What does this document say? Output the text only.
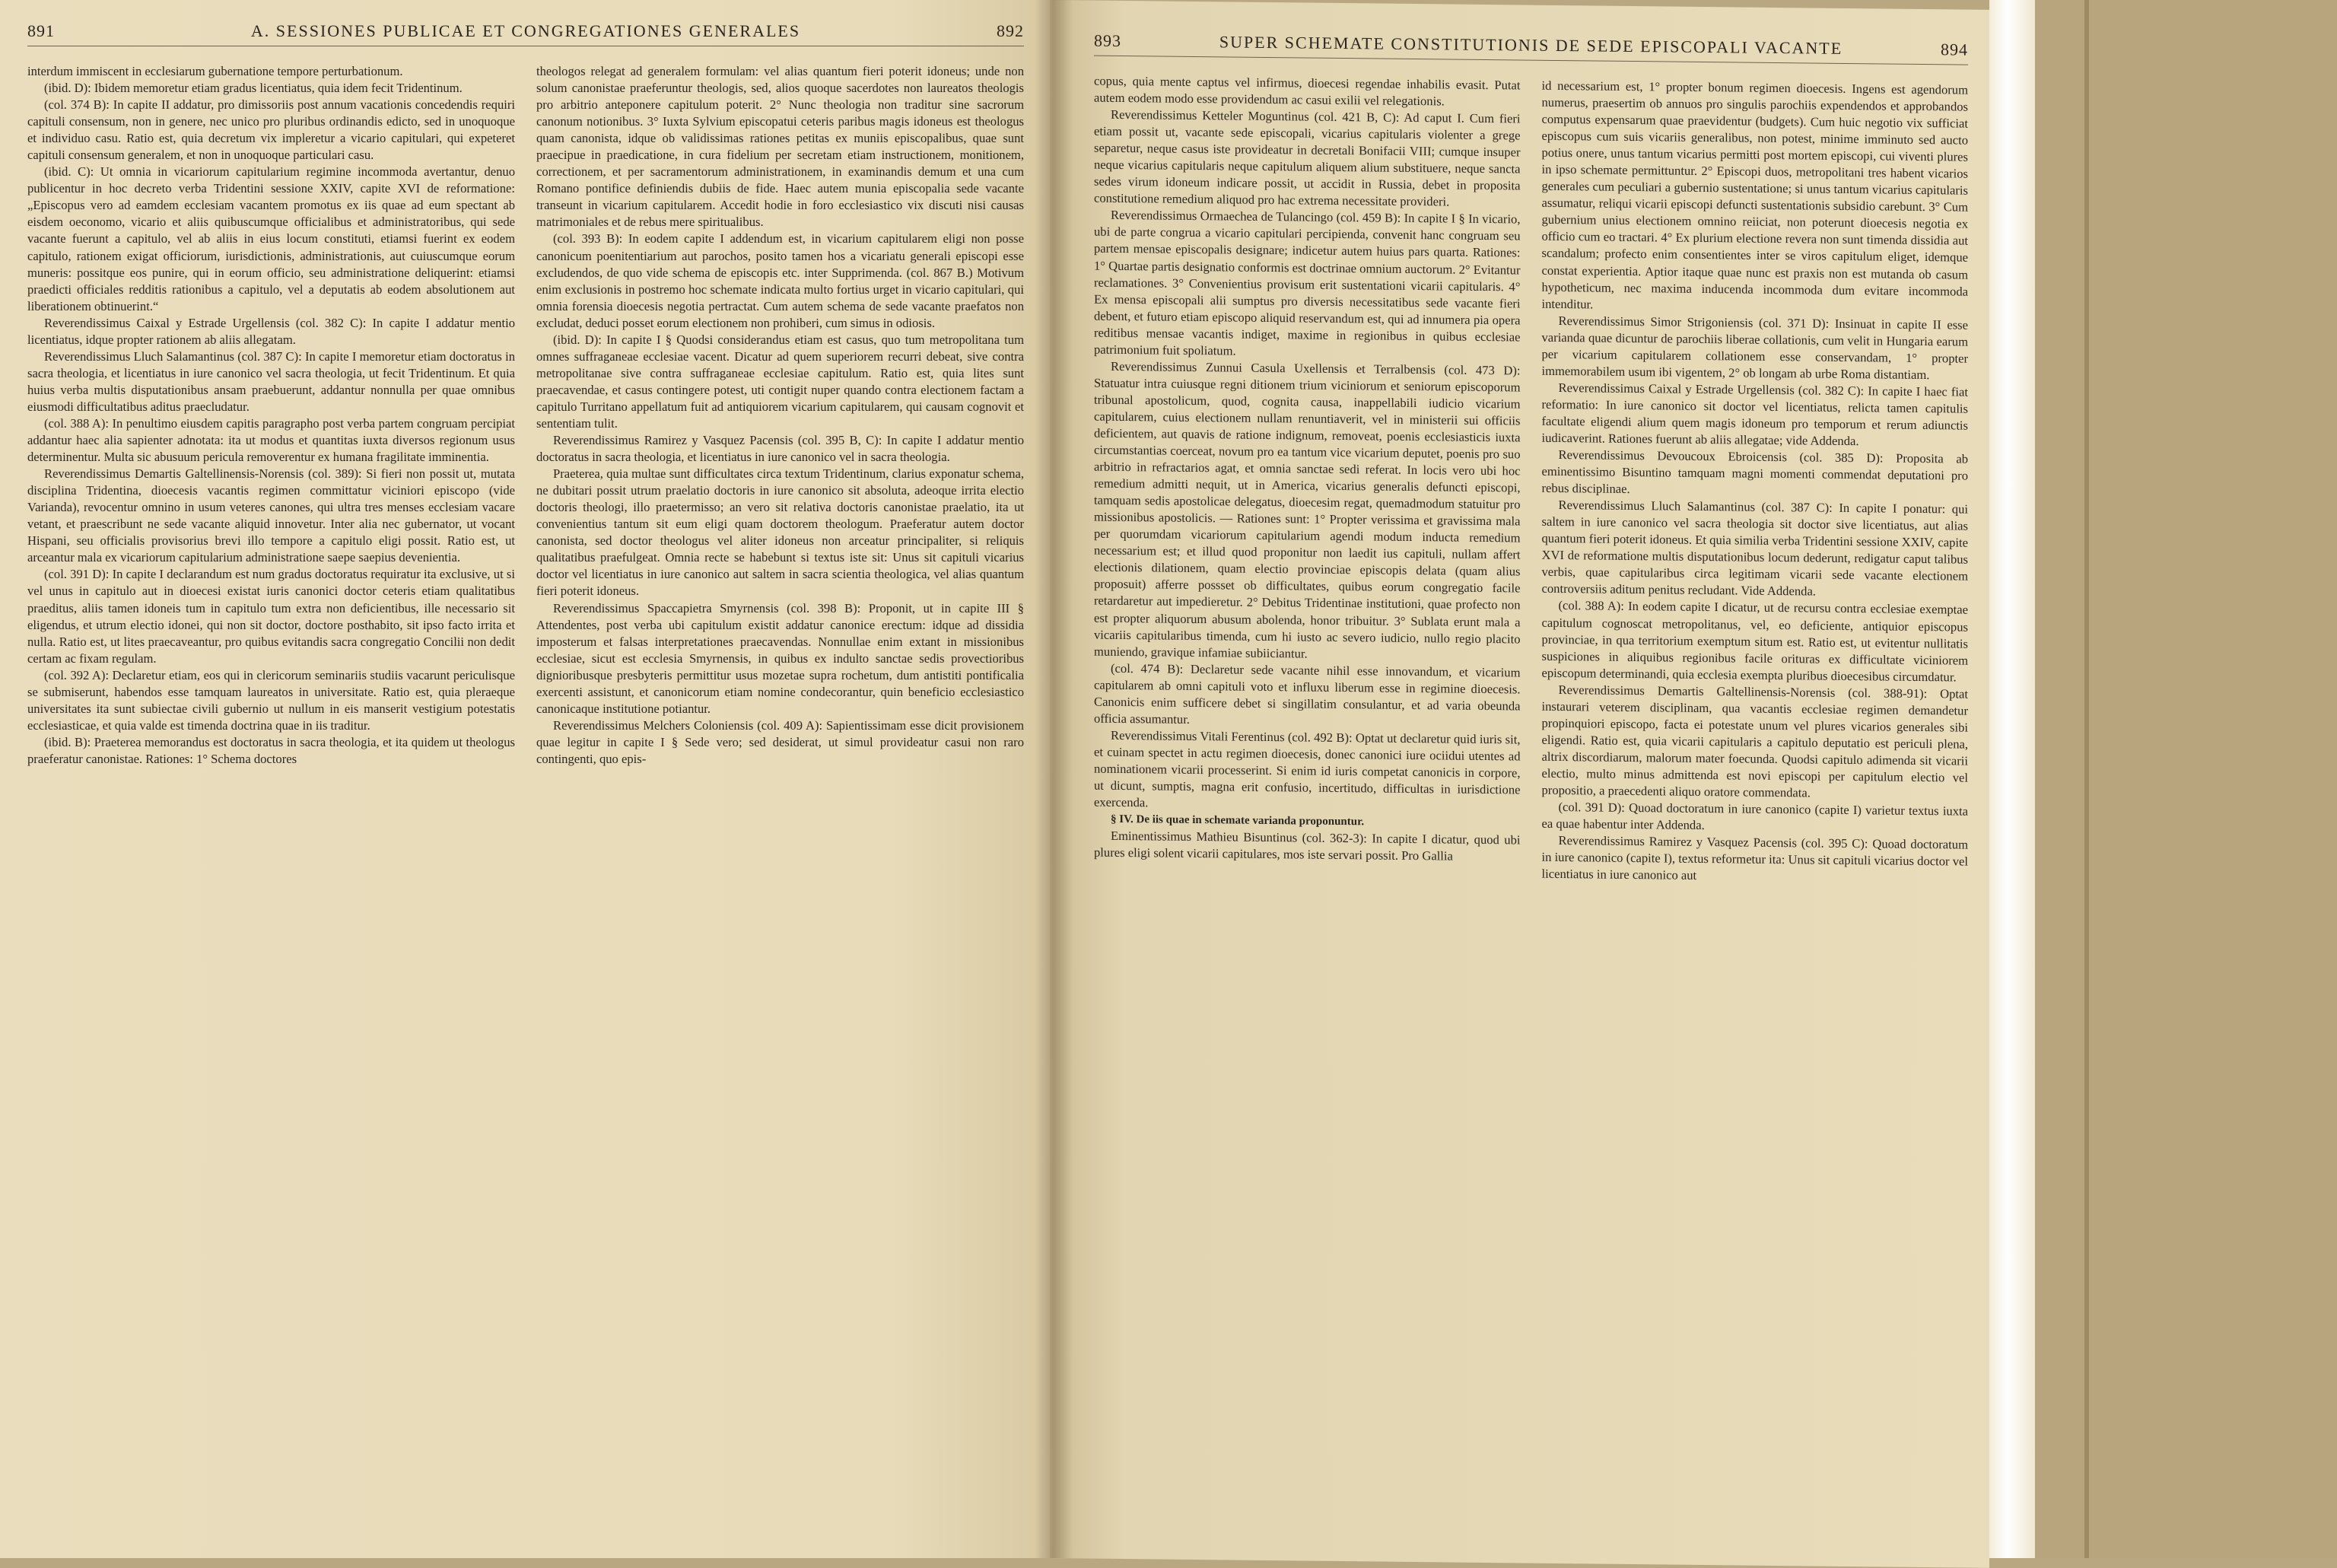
891	A. SESSIONES PUBLICAE ET CONGREGATIONES GENERALES	892

interdum immiscent in ecclesiarum gubernatione tempore perturbationum.

(ibid. D): Ibidem memoretur etiam gradus licentiatus, quia idem fecit Tridentinum.

(col. 374 B): In capite II addatur, pro dimissoriis post annum vacationis concedendis requiri capituli consensum, non in genere, nec unico pro pluribus ordinandis edicto, sed in unoquoque et individuo casu. Ratio est, quia decretum vix impleretur a vicario capitulari, qui expeteret capituli consensum generalem, et non in unoquoque particulari casu.

(ibid. C): Ut omnia in vicariorum capitularium regimine incommoda avertantur, denuo publicentur in hoc decreto verba Tridentini sessione XXIV, capite XVI de reformatione: „Episcopus vero ad eamdem ecclesiam vacantem promotus ex iis quae ad eum spectant ab eisdem oeconomo, vicario et aliis quibuscumque officialibus et administratoribus, qui sede vacante fuerunt a capitulo, vel ab aliis in eius locum constituti, etiamsi fuerint ex eodem capitulo, rationem exigat officiorum, iurisdictionis, administrationis, aut cuiuscumque eorum muneris: possitque eos punire, qui in eorum officio, seu administratione deliquerint: etiamsi praedicti officiales redditis rationibus a capitulo, vel a deputatis ab eodem absolutionem aut liberationem obtinuerint.“

Reverendissimus Caixal y Estrade Urgellensis (col. 382 C): In capite I addatur mentio licentiatus, idque propter rationem ab aliis allegatam.

Reverendissimus Lluch Salamantinus (col. 387 C): In capite I memoretur etiam doctoratus in sacra theologia, et licentiatus in iure canonico vel sacra theologia, ut fecit Tridentinum. Et quia huius verba multis disputationibus ansam praebuerunt, addantur nonnulla per quae omnibus eiusmodi difficultatibus aditus praecludatur.

(col. 388 A): In penultimo eiusdem capitis paragrapho post verba partem congruam percipiat addantur haec alia sapienter adnotata: ita ut modus et quantitas iuxta diversos regionum usus determinentur. Multa sic abusuum pericula removerentur ex humana fragilitate imminentia.

Reverendissimus Demartis Galtellinensis-Norensis (col. 389): Si fieri non possit ut, mutata disciplina Tridentina, dioecesis vacantis regimen committatur viciniori episcopo (vide Varianda), revocentur omnino in usum veteres canones, qui ultra tres menses ecclesiam vacare vetant, et praescribunt ne sede vacante aliquid innovetur. Inter alia nec gubernator, ut vocant Hispani, seu officialis provisorius brevi illo tempore a capitulo eligi possit. Ratio est, ut arceantur mala ex vicariorum capitularium administratione saepe saepius devenientia.

(col. 391 D): In capite I declarandum est num gradus doctoratus requiratur ita exclusive, ut si vel unus in capitulo aut in dioecesi existat iuris canonici doctor ceteris etiam qualitatibus praeditus, aliis tamen idoneis tum in capitulo tum extra non deficientibus, ille necessario sit eligendus, et utrum electio idonei, qui non sit doctor, doctore posthabito, sit ipso facto irrita et nulla. Ratio est, ut lites praecaveantur, pro quibus evitandis sacra congregatio Concilii non dedit certam ac fixam regulam.

(col. 392 A): Declaretur etiam, eos qui in clericorum seminariis studiis vacarunt periculisque se submiserunt, habendos esse tamquam laureatos in universitate. Ratio est, quia pleraeque universitates ita sunt subiectae civili gubernio ut nullum in eis manserit vestigium potestatis ecclesiasticae, et quia valde est timenda doctrina quae in iis traditur.

(ibid. B): Praeterea memorandus est doctoratus in sacra theologia, et ita quidem ut theologus praeferatur canonistae. Rationes: 1° Schema doctores

theologos relegat ad generalem formulam: vel alias quantum fieri poterit idoneus; unde non solum canonistae praeferuntur theologis, sed, alios quoque sacerdotes non laureatos theologis pro arbitrio anteponere capitulum poterit. 2° Nunc theologia non traditur sine sacrorum canonum notionibus. 3° Iuxta Sylvium episcopatui ceteris paribus magis idoneus est theologus quam canonista, idque ob validissimas rationes petitas ex muniis episcopalibus, quae sunt praecipue in praedicatione, in cura fidelium per secretam etiam instructionem, monitionem, correctionem, et per sacramentorum administrationem, in examinandis demum et una cum Romano pontifice definiendis dubiis de fide. Haec autem munia episcopalia sede vacante transeunt in vicarium capitularem. Accedit hodie in foro ecclesiastico vix discuti nisi causas matrimoniales et de rebus mere spiritualibus.

(col. 393 B): In eodem capite I addendum est, in vicarium capitularem eligi non posse canonicum poenitentiarium aut parochos, posito tamen hos a vicariatu generali episcopi esse excludendos, de quo vide schema de episcopis etc. inter Supprimenda. (col. 867 B.) Motivum enim exclusionis in postremo hoc schemate indicata multo fortius urget in vicario capitulari, qui omnia forensia dioecesis negotia pertractat. Cum autem schema de sede vacante praefatos non excludat, deduci posset eorum electionem non prohiberi, cum simus in odiosis.

(ibid. D): In capite I § Quodsi considerandus etiam est casus, quo tum metropolitana tum omnes suffraganeae ecclesiae vacent. Dicatur ad quem superiorem recurri debeat, sive contra metropolitanae sive contra suffraganeae ecclesiae capitulum. Ratio est, quia lites sunt praecavendae, et casus contingere potest, uti contigit nuper quando contra electionem factam a capitulo Turritano appellatum fuit ad antiquiorem vicarium capitularem, qui causam cognovit et sententiam tulit.

Reverendissimus Ramirez y Vasquez Pacensis (col. 395 B, C): In capite I addatur mentio doctoratus in sacra theologia, et licentiatus in iure canonico vel in sacra theologia.

Praeterea, quia multae sunt difficultates circa textum Tridentinum, clarius exponatur schema, ne dubitari possit utrum praelatio doctoris in iure canonico sit absoluta, adeoque irrita electio doctoris theologi, illo praetermisso; an vero sit relativa doctoris canonistae praelatio, ita ut convenientius tantum sit eum eligi quam doctorem theologum. Praeferatur autem doctor canonista, sed doctor theologus vel aliter idoneus non arceatur principaliter, si reliquis qualitatibus praefulgeat. Omnia recte se habebunt si textus iste sit: Unus sit capituli vicarius doctor vel licentiatus in iure canonico aut saltem in sacra scientia theologica, vel alias quantum fieri poterit idoneus.

Reverendissimus Spaccapietra Smyrnensis (col. 398 B): Proponit, ut in capite III § Attendentes, post verba ubi capitulum existit addatur canonice erectum: idque ad dissidia imposterum et falsas interpretationes praecavendas. Nonnullae enim extant in missionibus ecclesiae, sicut est ecclesia Smyrnensis, in quibus ex indulto sanctae sedis provectioribus dignioribusque presbyteris permittitur usus mozetae supra rochetum, dum antistiti pontificalia exercenti assistunt, et canonicorum etiam nomine condecorantur, quin beneficio ecclesiastico canonicaque institutione potiantur.

Reverendissimus Melchers Coloniensis (col. 409 A): Sapientissimam esse dicit provisionem quae legitur in capite I § Sede vero; sed desiderat, ut simul provideatur casui non raro contingenti, quo epis-

893	SUPER SCHEMATE CONSTITUTIONIS DE SEDE EPISCOPALI VACANTE	894

copus, quia mente captus vel infirmus, dioecesi regendae inhabilis evasit. Putat autem eodem modo esse providendum ac casui exilii vel relegationis.

Reverendissimus Ketteler Moguntinus (col. 421 B, C): Ad caput I. Cum fieri etiam possit ut, vacante sede episcopali, vicarius capitularis violenter a grege separetur, neque casus iste provideatur in decretali Bonifacii VIII; cumque insuper neque vicarius capitularis neque capitulum aliquem alium substituere, neque sancta sedes virum idoneum indicare possit, ut accidit in Russia, debet in proposita constitutione remedium aliquod pro hac extrema necessitate provideri.

Reverendissimus Ormaechea de Tulancingo (col. 459 B): In capite I § In vicario, ubi de parte congrua a vicario capitulari percipienda, convenit hanc congruam seu partem mensae episcopalis designare; indicetur autem huius pars quarta. Rationes: 1° Quartae partis designatio conformis est doctrinae omnium auctorum. 2° Evitantur reclamationes. 3° Convenientius provisum erit sustentationi vicarii capitularis. 4° Ex mensa episcopali alii sumptus pro diversis necessitatibus sede vacante fieri debent, et futuro etiam episcopo aliquid reservandum est, qui ad innumera pia opera reditibus mensae vacantis indiget, maxime in regionibus in quibus ecclesiae patrimonium fuit spoliatum.

Reverendissimus Zunnui Casula Uxellensis et Terralbensis (col. 473 D): Statuatur intra cuiusque regni ditionem trium viciniorum et seniorum episcoporum tribunal apostolicum, quod, cognita causa, inappellabili iudicio vicarium capitularem, cuius electionem nullam renuntiaverit, vel in ministerii sui officiis deficientem, aut quavis de ratione indignum, removeat, poenis ecclesiasticis iuxta circumstantias coerceat, novum pro ea tantum vice vicarium deputet, poenis pro suo arbitrio in refractarios agat, et omnia sanctae sedi referat. In locis vero ubi hoc remedium admitti nequit, ut in America, vicarius generalis defuncti episcopi, tamquam sedis apostolicae delegatus, dioecesim regat, quemadmodum statuitur pro missionibus apostolicis. — Rationes sunt: 1° Propter verissima et gravissima mala per quorumdam vicariorum capitularium agendi modum inducta remedium necessarium est; et illud quod proponitur non laedit ius capituli, nullam affert electionis dilationem, quam electio provinciae episcopis delata (quam alius proposuit) afferre possset ob difficultates, quibus eorum congregatio facile retardaretur aut impedieretur. 2° Debitus Tridentinae institutioni, quae profecto non est propter aliquorum abusum abolenda, honor tribuitur. 3° Sublata erunt mala a vicariis capitularibus timenda, cum hi iusto ac severo iudicio, nullo regio placito muniendo, gravique infamiae subiiciantur.

(col. 474 B): Declaretur sede vacante nihil esse innovandum, et vicarium capitularem ab omni capituli voto et influxu liberum esse in regimine dioecesis. Canonicis enim sufficere debet si singillatim consulantur, et ad varia obeunda officia assumantur.

Reverendissimus Vitali Ferentinus (col. 492 B): Optat ut declaretur quid iuris sit, et cuinam spectet in actu regimen dioecesis, donec canonici iure ociidui utentes ad nominationem vicarii processerint. Si enim id iuris competat canonicis in corpore, ut dicunt, sumptis, magna erit confusio, incertitudo, difficultas in iurisdictione exercenda.

§ IV. De iis quae in schemate varianda proponuntur.

Eminentissimus Mathieu Bisuntinus (col. 362-3): In capite I dicatur, quod ubi plures eligi solent vicarii capitulares, mos iste servari possit. Pro Gallia

id necessarium est, 1° propter bonum regimen dioecesis. Ingens est agendorum numerus, praesertim ob annuos pro singulis parochiis expendendos et approbandos computus expensarum quae praevidentur (budgets). Cum huic negotio vix sufficiat episcopus cum suis vicariis generalibus, non potest, minime imminuto sed aucto potius onere, unus tantum vicarius permitti post mortem episcopi, cui viventi plures in ipso schemate permittuntur. 2° Episcopi duos, metropolitani tres habent vicarios generales cum peculiari a gubernio sustentatione; si unus tantum vicarius capitularis assumatur, reliqui vicarii episcopi defuncti sustentationis subsidio carebunt. 3° Cum gubernium unius electionem omnino reiiciat, non poterunt dioecesis negotia ex officio cum eo tractari. 4° Ex plurium electione revera non sunt timenda dissidia aut scandalum; profecto enim consentientes inter se viros capitulum eliget, idemque constat experientia. Aptior itaque quae nunc est praxis non est mutanda ob casum hypotheticum, nec maxima inducenda incommoda dum evitare incommoda intenditur.

Reverendissimus Simor Strigoniensis (col. 371 D): Insinuat in capite II esse varianda quae dicuntur de parochiis liberae collationis, cum velit in Hungaria earum per vicarium capitularem collationem esse conservandam, 1° propter immemorabilem usum ibi vigentem, 2° ob longam ab urbe Roma distantiam.

Reverendissimus Caixal y Estrade Urgellensis (col. 382 C): In capite I haec fiat reformatio: In iure canonico sit doctor vel licentiatus, relicta tamen capitulis facultate eligendi alium quem magis idoneum pro temporum et rerum adiunctis iudicaverint. Rationes fuerunt ab aliis allegatae; vide Addenda.

Reverendissimus Devoucoux Ebroicensis (col. 385 D): Proposita ab eminentissimo Bisuntino tamquam magni momenti commendat deputationi pro rebus disciplinae.

Reverendissimus Lluch Salamantinus (col. 387 C): In capite I ponatur: qui saltem in iure canonico vel sacra theologia sit doctor sive licentiatus, aut alias quantum fieri poterit idoneus. Et quia similia verba Tridentini sessione XXIV, capite XVI de reformatione multis disputationibus locum dederunt, redigatur caput talibus verbis, quae capitularibus circa legitimam vicarii sede vacante electionem controversiis aditum penitus recludant. Vide Addenda.

(col. 388 A): In eodem capite I dicatur, ut de recursu contra ecclesiae exemptae capitulum cognoscat metropolitanus, vel, eo deficiente, antiquior episcopus provinciae, in qua territorium exemptum situm est. Ratio est, ut evitentur nullitatis suspiciones in aliquibus regionibus facile orituras ex difficultate viciniorem episcopum determinandi, quia ecclesia exempta pluribus dioecesibus circumdatur.

Reverendissimus Demartis Galtellinensis-Norensis (col. 388-91): Optat instaurari veterem disciplinam, qua vacantis ecclesiae regimen demandetur propinquiori episcopo, facta ei potestate unum vel plures vicarios generales sibi eligendi. Ratio est, quia vicarii capitularis a capitulo deputatio est periculi plena, altrix discordiarum, malorum mater foecunda. Quodsi capitulo adimenda sit vicarii electio, multo minus admittenda est novi episcopi per capitulum electio vel propositio, a praecedenti aliquo oratore commendata.

(col. 391 D): Quoad doctoratum in iure canonico (capite I) varietur textus iuxta ea quae habentur inter Addenda.

Reverendissimus Ramirez y Vasquez Pacensis (col. 395 C): Quoad doctoratum in iure canonico (capite I), textus reformetur ita: Unus sit capituli vicarius doctor vel licentiatus in iure canonico aut
